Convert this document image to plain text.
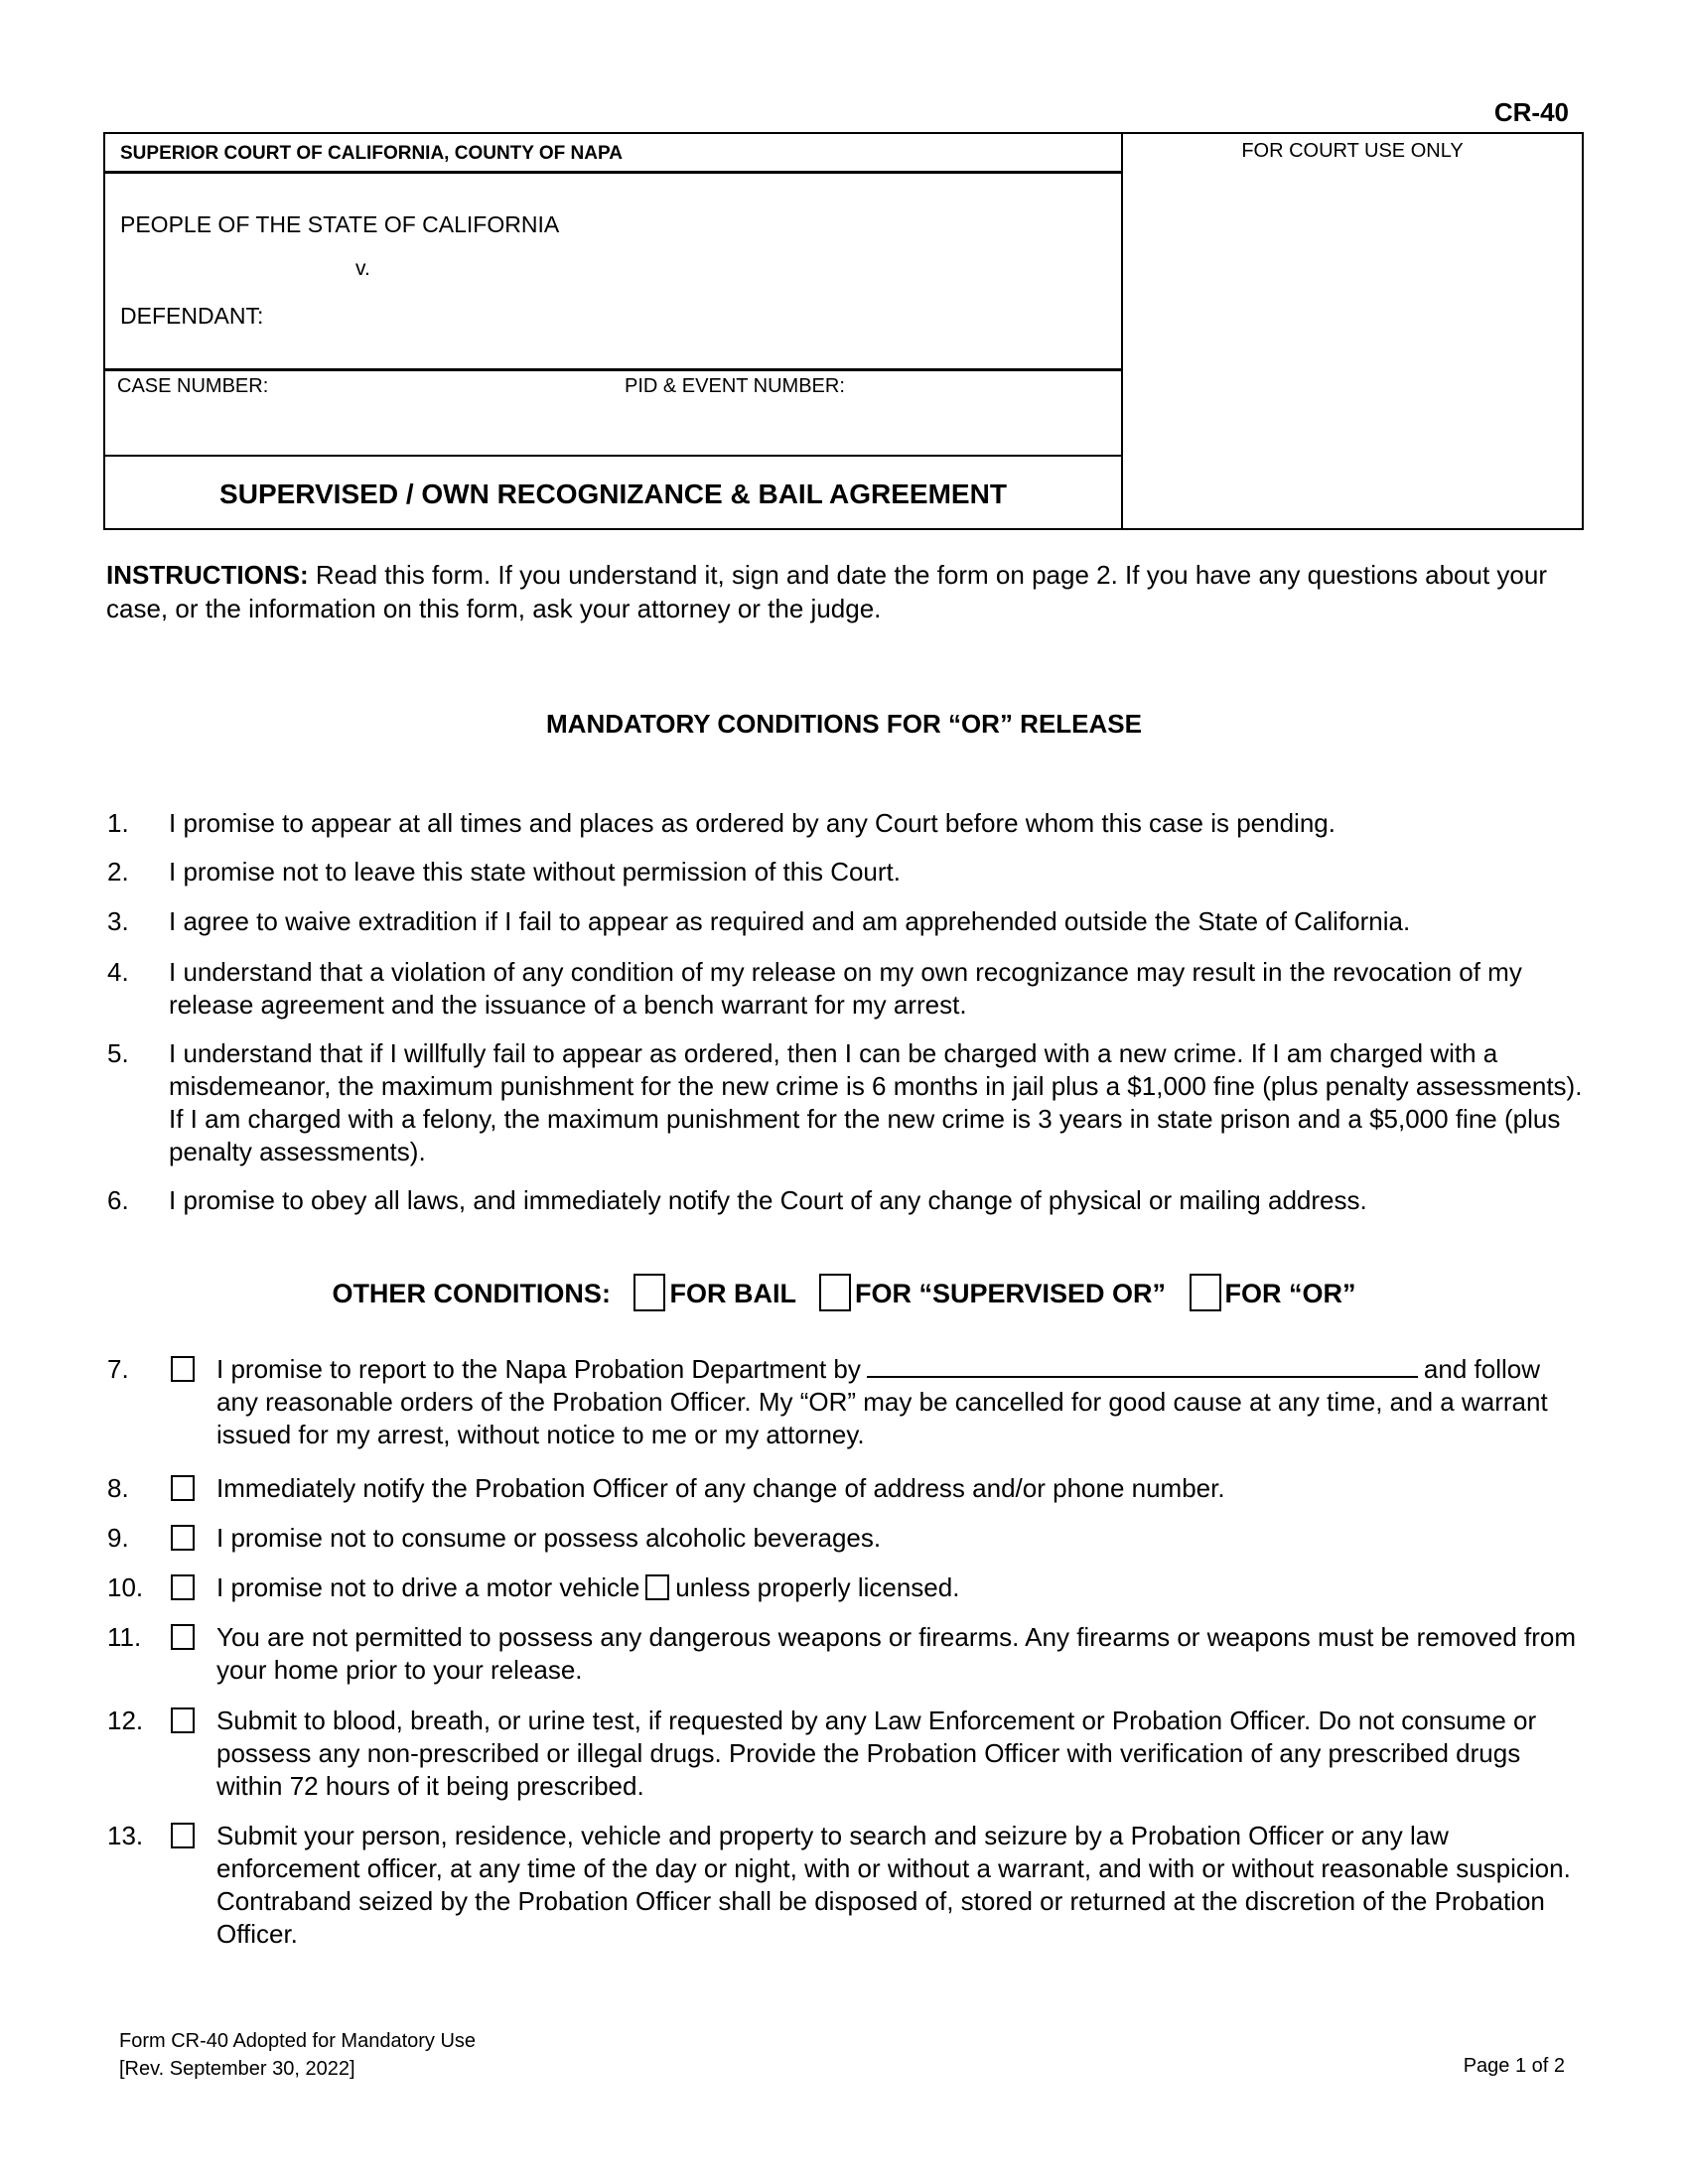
CR-40
SUPERIOR COURT OF CALIFORNIA, COUNTY OF NAPA
PEOPLE OF THE STATE OF CALIFORNIA
v.
DEFENDANT:
CASE NUMBER:	PID & EVENT NUMBER:
SUPERVISED / OWN RECOGNIZANCE & BAIL AGREEMENT
FOR COURT USE ONLY
INSTRUCTIONS: Read this form. If you understand it, sign and date the form on page 2. If you have any questions about your case, or the information on this form, ask your attorney or the judge.
MANDATORY CONDITIONS FOR “OR” RELEASE
1. I promise to appear at all times and places as ordered by any Court before whom this case is pending.
2. I promise not to leave this state without permission of this Court.
3. I agree to waive extradition if I fail to appear as required and am apprehended outside the State of California.
4. I understand that a violation of any condition of my release on my own recognizance may result in the revocation of my release agreement and the issuance of a bench warrant for my arrest.
5. I understand that if I willfully fail to appear as ordered, then I can be charged with a new crime. If I am charged with a misdemeanor, the maximum punishment for the new crime is 6 months in jail plus a $1,000 fine (plus penalty assessments). If I am charged with a felony, the maximum punishment for the new crime is 3 years in state prison and a $5,000 fine (plus penalty assessments).
6. I promise to obey all laws, and immediately notify the Court of any change of physical or mailing address.
OTHER CONDITIONS: FOR BAIL FOR “SUPERVISED OR” FOR “OR”
7.	I promise to report to the Napa Probation Department by	and follow any reasonable orders of the Probation Officer. My “OR” may be cancelled for good cause at any time, and a warrant issued for my arrest, without notice to me or my attorney.
8.	Immediately notify the Probation Officer of any change of address and/or phone number.
9.	I promise not to consume or possess alcoholic beverages.
10.	I promise not to drive a motor vehicle unless properly licensed.
11.	You are not permitted to possess any dangerous weapons or firearms. Any firearms or weapons must be removed from your home prior to your release.
12.	Submit to blood, breath, or urine test, if requested by any Law Enforcement or Probation Officer. Do not consume or possess any non-prescribed or illegal drugs. Provide the Probation Officer with verification of any prescribed drugs within 72 hours of it being prescribed.
13.	Submit your person, residence, vehicle and property to search and seizure by a Probation Officer or any law enforcement officer, at any time of the day or night, with or without a warrant, and with or without reasonable suspicion. Contraband seized by the Probation Officer shall be disposed of, stored or returned at the discretion of the Probation Officer.
Form CR-40 Adopted for Mandatory Use
[Rev. September 30, 2022]	Page 1 of 2
